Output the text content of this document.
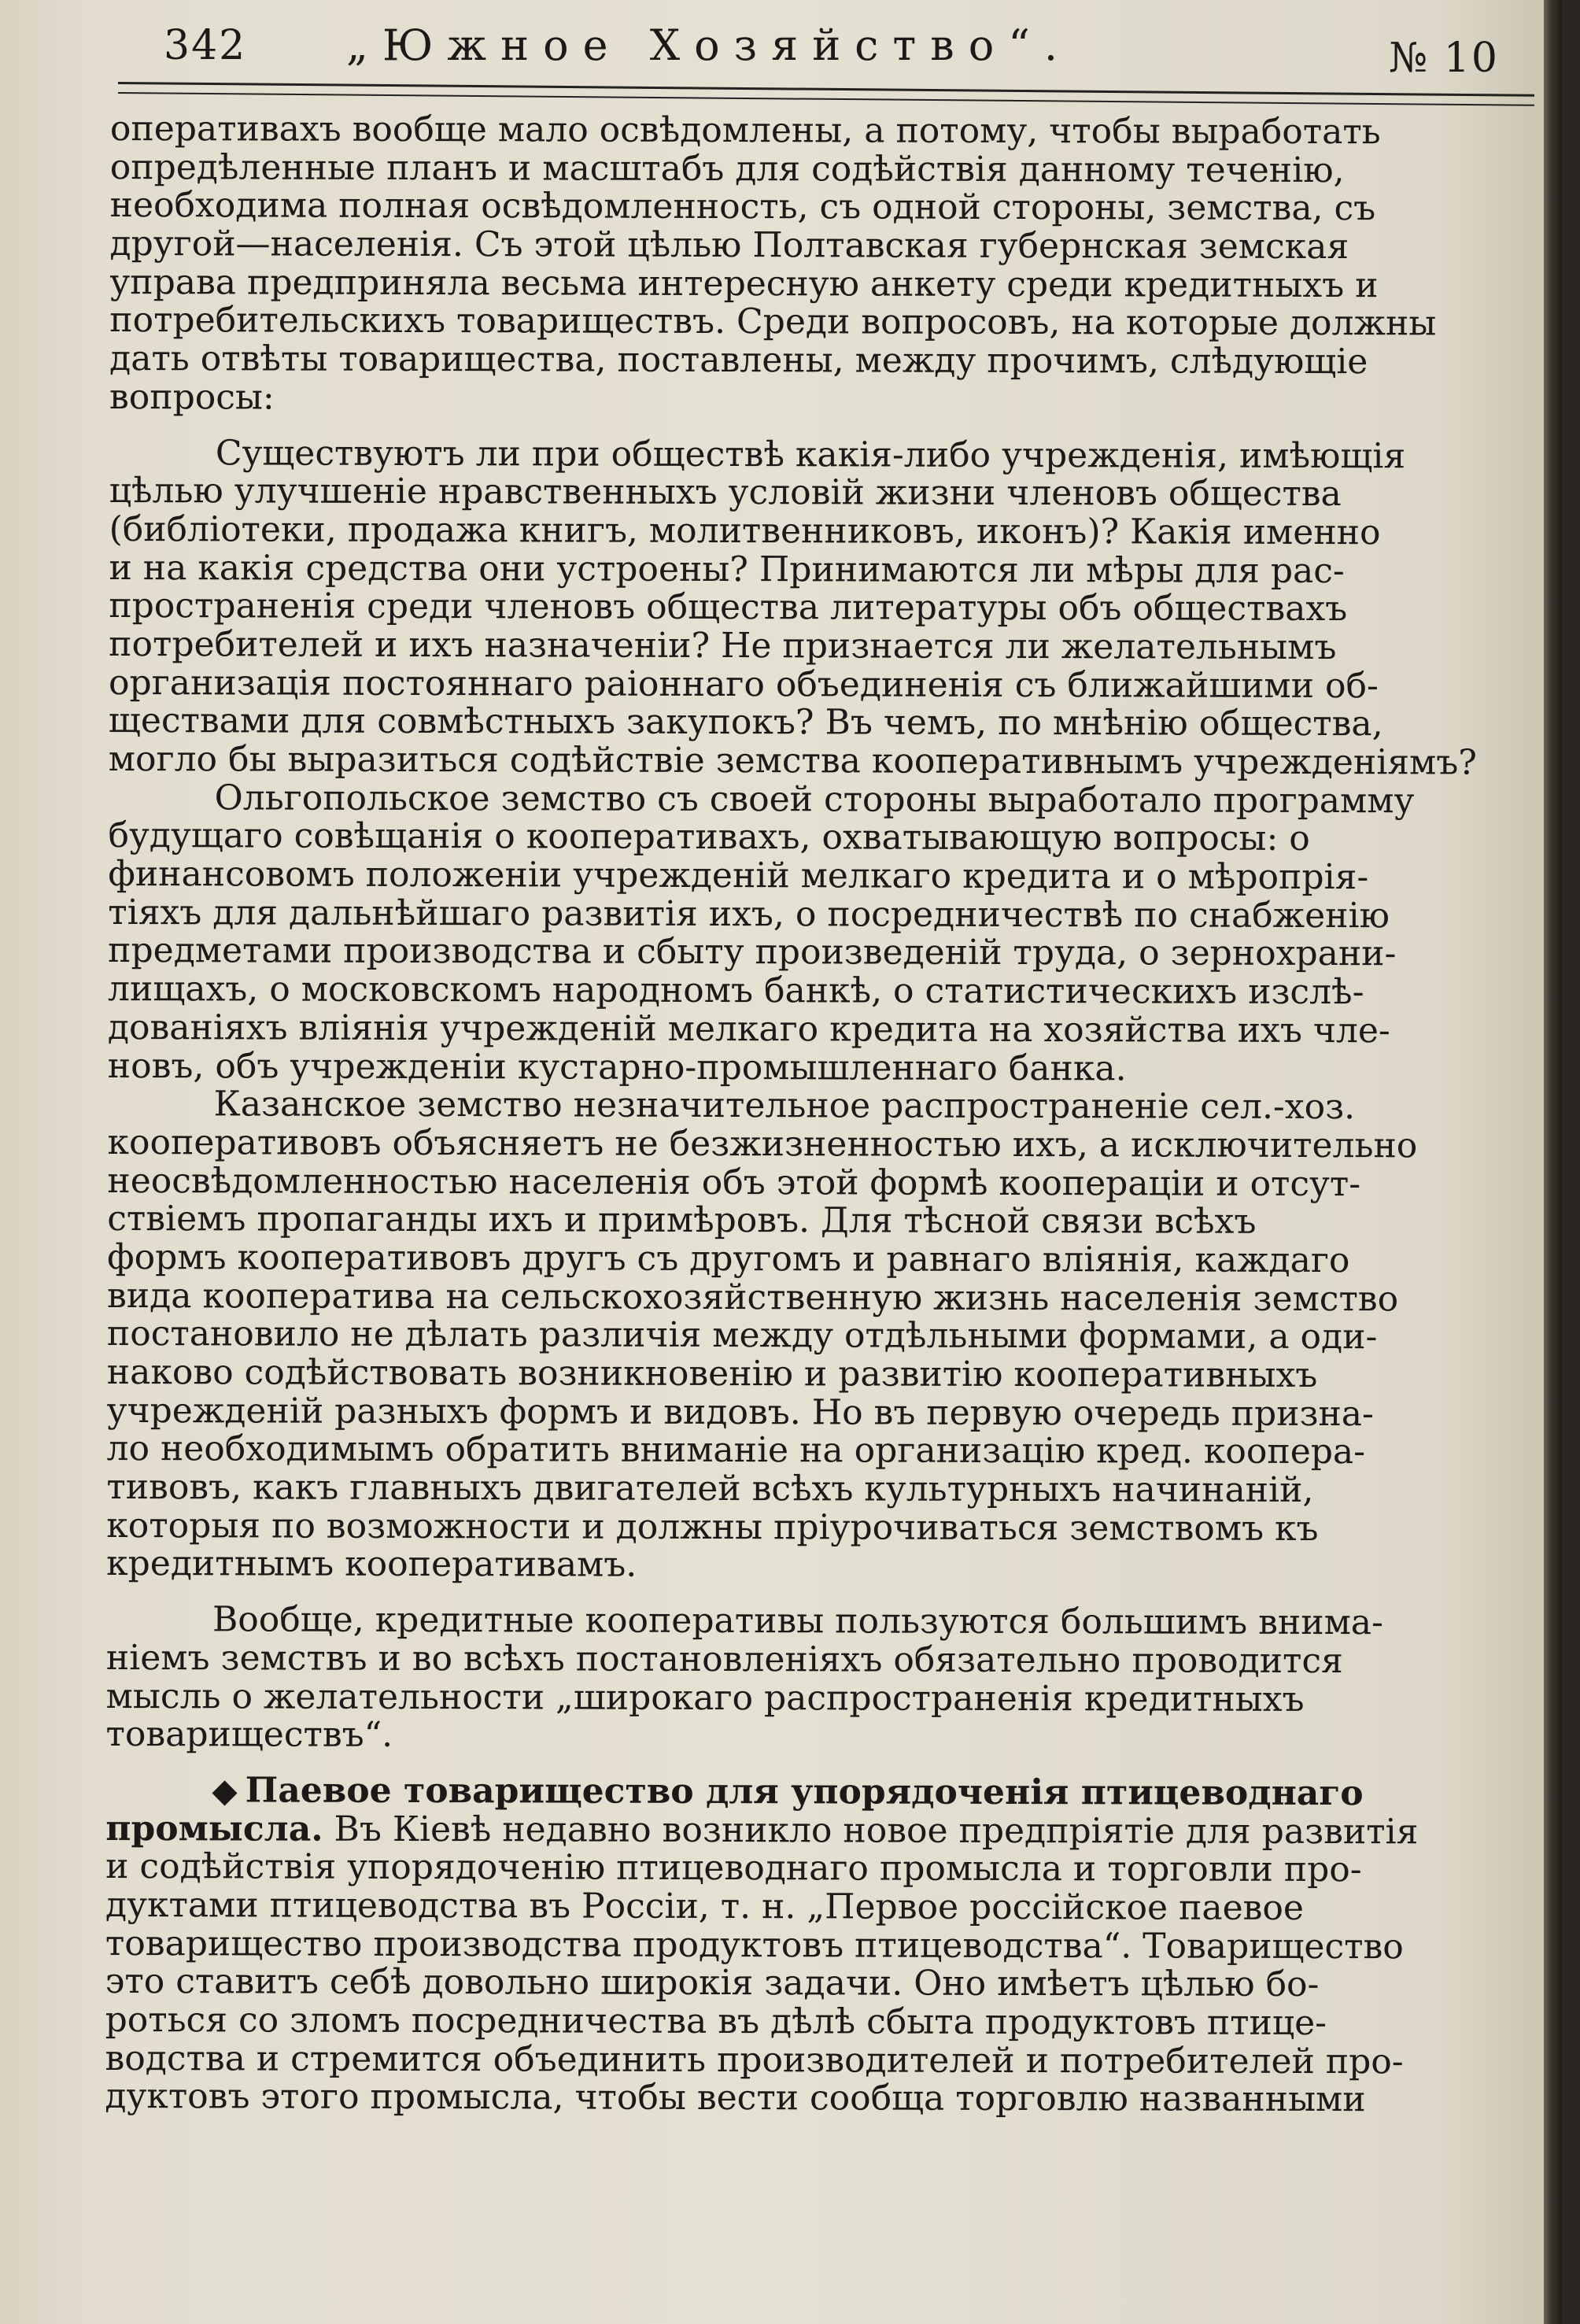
342 „Южное Хозяйство“.	№ 10
оперативахъ вообще мало освѣдомлены, а потому, чтобы выработать
опредѣленные планъ и масштабъ для содѣйствія данному теченію,
необходима полная освѣдомленность, съ одной стороны, земства, съ
другой—населенія. Съ этой цѣлью Полтавская губернская земская
управа предприняла весьма интересную анкету среди кредитныхъ и
потребительскихъ товариществъ. Среди вопросовъ, на которые должны
дать отвѣты товарищества, поставлены, между прочимъ, слѣдующіе
вопросы:
Существуютъ ли при обществѣ какія-либо учрежденія, имѣющія
цѣлью улучшеніе нравственныхъ условій жизни членовъ общества
(библіотеки, продажа книгъ, молитвенниковъ, иконъ)? Какія именно
и на какія средства они устроены? Принимаются ли мѣры для рас-
пространенія среди членовъ общества литературы объ обществахъ
потребителей и ихъ назначеніи? Не признается ли желательнымъ
организація постояннаго раіоннаго объединенія съ ближайшими об-
ществами для совмѣстныхъ закупокъ? Въ чемъ, по мнѣнію общества,
могло бы выразиться содѣйствіе земства кооперативнымъ учрежденіямъ?
Ольгопольское земство съ своей стороны выработало программу
будущаго совѣщанія о кооперативахъ, охватывающую вопросы: о
финансовомъ положеніи учрежденій мелкаго кредита и о мѣропрія-
тіяхъ для дальнѣйшаго развитія ихъ, о посредничествѣ по снабженію
предметами производства и сбыту произведеній труда, о зернохрани-
лищахъ, о московскомъ народномъ банкѣ, о статистическихъ изслѣ-
дованіяхъ вліянія учрежденій мелкаго кредита на хозяйства ихъ чле-
новъ, объ учрежденіи кустарно-промышленнаго банка.
Казанское земство незначительное распространеніе сел.-хоз.
кооперативовъ объясняетъ не безжизненностью ихъ, а исключительно
неосвѣдомленностью населенія объ этой формѣ коопераціи и отсут-
ствіемъ пропаганды ихъ и примѣровъ. Для тѣсной связи всѣхъ
формъ кооперативовъ другъ съ другомъ и равнаго вліянія, каждаго
вида кооператива на сельскохозяйственную жизнь населенія земство
постановило не дѣлать различія между отдѣльными формами, а оди-
наково содѣйствовать возникновенію и развитію кооперативныхъ
учрежденій разныхъ формъ и видовъ. Но въ первую очередь призна-
ло необходимымъ обратить вниманіе на организацію кред. коопера-
тивовъ, какъ главныхъ двигателей всѣхъ культурныхъ начинаній,
которыя по возможности и должны пріурочиваться земствомъ къ
кредитнымъ кооперативамъ.
Вообще, кредитные кооперативы пользуются большимъ внима-
ніемъ земствъ и во всѣхъ постановленіяхъ обязательно проводится
мысль о желательности „широкаго распространенія кредитныхъ
товариществъ“.
◆ Паевое товарищество для упорядоченія птицеводнаго
промысла. Въ Кіевѣ недавно возникло новое предпріятіе для развитія
и содѣйствія упорядоченію птицеводнаго промысла и торговли про-
дуктами птицеводства въ Россіи, т. н. „Первое россійское паевое
товарищество производства продуктовъ птицеводства“. Товарищество
это ставитъ себѣ довольно широкія задачи. Оно имѣетъ цѣлью бо-
роться со зломъ посредничества въ дѣлѣ сбыта продуктовъ птице-
водства и стремится объединить производителей и потребителей про-
дуктовъ этого промысла, чтобы вести сообща торговлю названными
